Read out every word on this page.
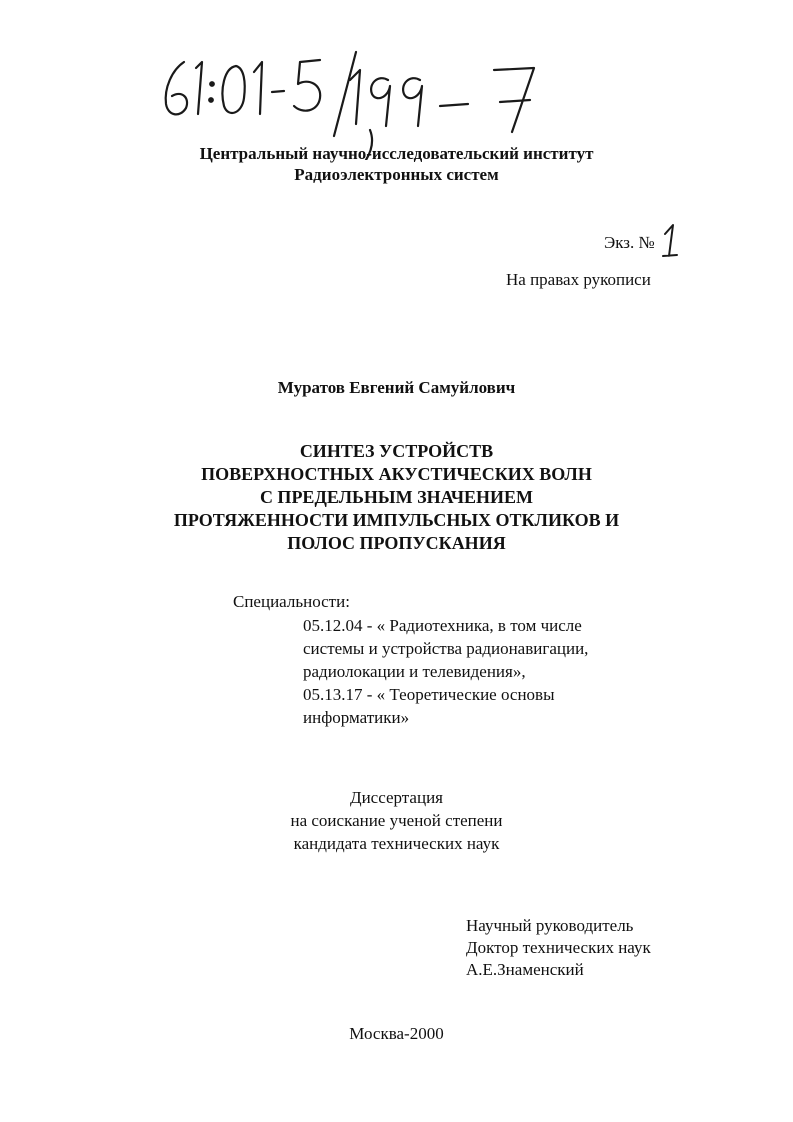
Центральный научно-исследовательский институт
Радиоэлектронных систем
Экз. №
На правах рукописи
Муратов Евгений Самуйлович
СИНТЕЗ УСТРОЙСТВ
ПОВЕРХНОСТНЫХ АКУСТИЧЕСКИХ ВОЛН
С ПРЕДЕЛЬНЫМ ЗНАЧЕНИЕМ
ПРОТЯЖЕННОСТИ ИМПУЛЬСНЫХ ОТКЛИКОВ И
ПОЛОС ПРОПУСКАНИЯ
Специальности:
05.12.04 - « Радиотехника, в том числе
системы и устройства радионавигации,
радиолокации и телевидения»,
05.13.17 - « Теоретические основы
информатики»
Диссертация
на соискание ученой степени
кандидата технических наук
Научный руководитель
Доктор технических наук
А.Е.Знаменский
Москва-2000
